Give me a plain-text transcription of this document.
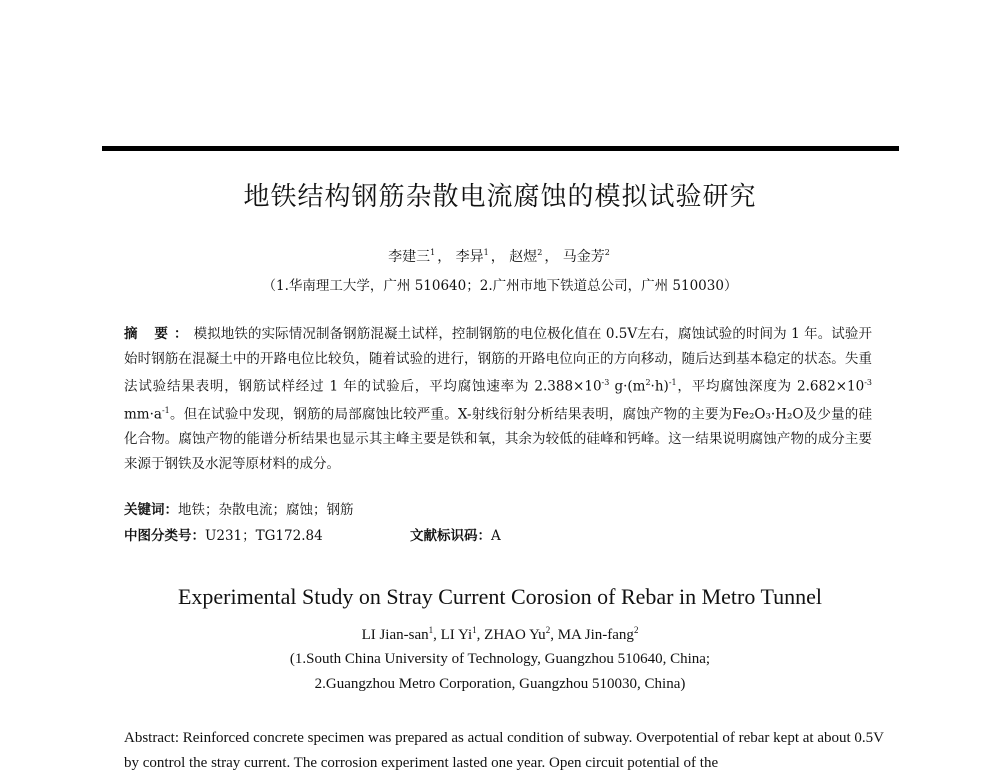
地铁结构钢筋杂散电流腐蚀的模拟试验研究
李建三$^1$ ， 李异$^1$ ， 赵煜$^2$ ， 马金芳$^2$
（1.华南理工大学，广州 510640；2.广州市地下铁道总公司，广州 510030）
摘 要：模拟地铁的实际情况制备钢筋混凝土试样，控制钢筋的电位极化值在 0.5V左右，腐蚀试验的时间为 1 年。试验开始时钢筋在混凝土中的开路电位比较负，随着试验的进行，钢筋的开路电位向正的方向移动，随后达到基本稳定的状态。失重法试验结果表明，钢筋试样经过 1 年的试验后，平均腐蚀速率为 $2.388\times 10^{-3}$ $g\cdot(m^2\cdot h)^{-1}$，平均腐蚀深度为 $2.682\times 10^{-3}$ $mm\cdot a^{-1}$。但在试验中发现，钢筋的局部腐蚀比较严重。X-射线衍射分析结果表明，腐蚀产物的主要为Fe₂O₃·H₂O及少量的硅化合物。腐蚀产物的能谱分析结果也显示其主峰主要是铁和氧，其余为较低的硅峰和钙峰。这一结果说明腐蚀产物的成分主要来源于钢铁及水泥等原材料的成分。
关键词：地铁；杂散电流；腐蚀；钢筋
中图分类号：U231；TG172.84	文献标识码：A
Experimental Study on Stray Current Corosion of Rebar in Metro Tunnel
LI Jian-san$^1$, LI Yi$^1$, ZHAO Yu$^2$, MA Jin-fang$^2$
(1.South China University of Technology, Guangzhou 510640, China;
2.Guangzhou Metro Corporation, Guangzhou 510030, China)
Abstract: Reinforced concrete specimen was prepared as actual condition of subway. Overpotential of rebar kept at about 0.5V by control the stray current. The corrosion experiment lasted one year. Open circuit potential of the
